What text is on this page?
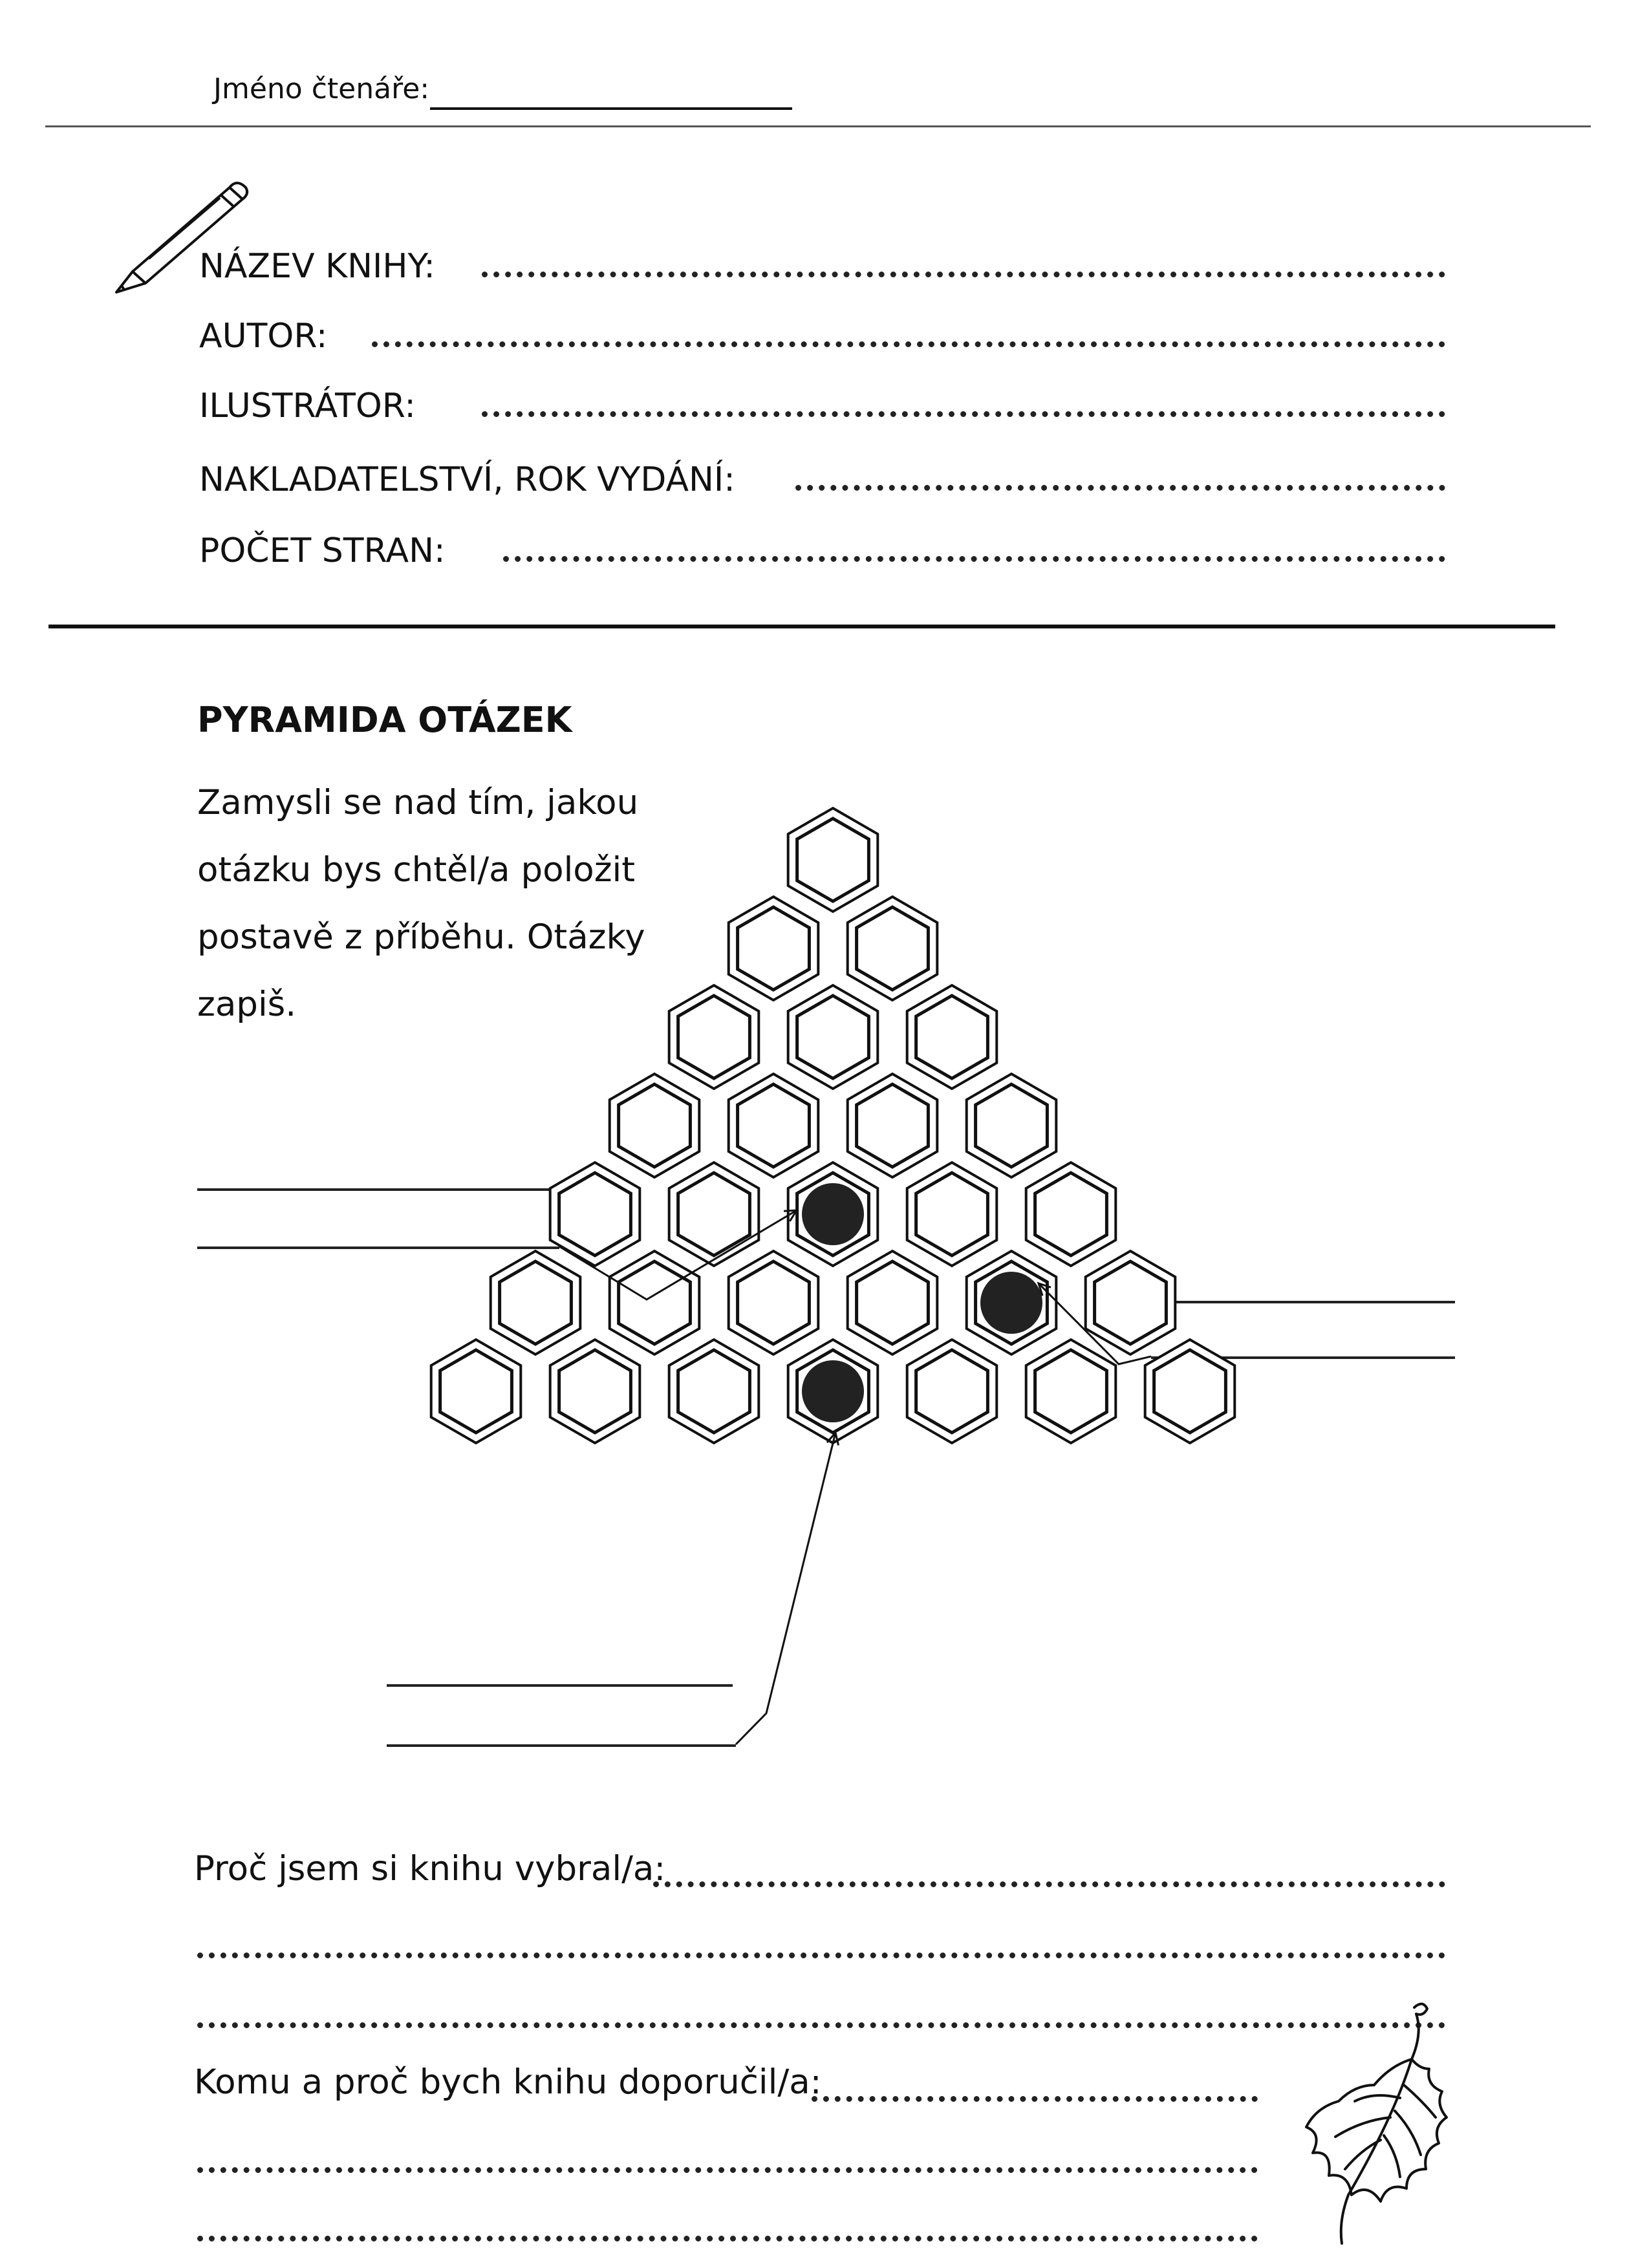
Jméno čtenáře:
NÁZEV KNIHY:
AUTOR:
ILUSTRÁTOR:
NAKLADATELSTVÍ, ROK VYDÁNÍ:
POČET STRAN:
PYRAMIDA OTÁZEK
Zamysli se nad tím, jakou
otázku bys chtěl/a položit
postavě z příběhu. Otázky
zapiš.
Proč jsem si knihu vybral/a:
Komu a proč bych knihu doporučil/a:
